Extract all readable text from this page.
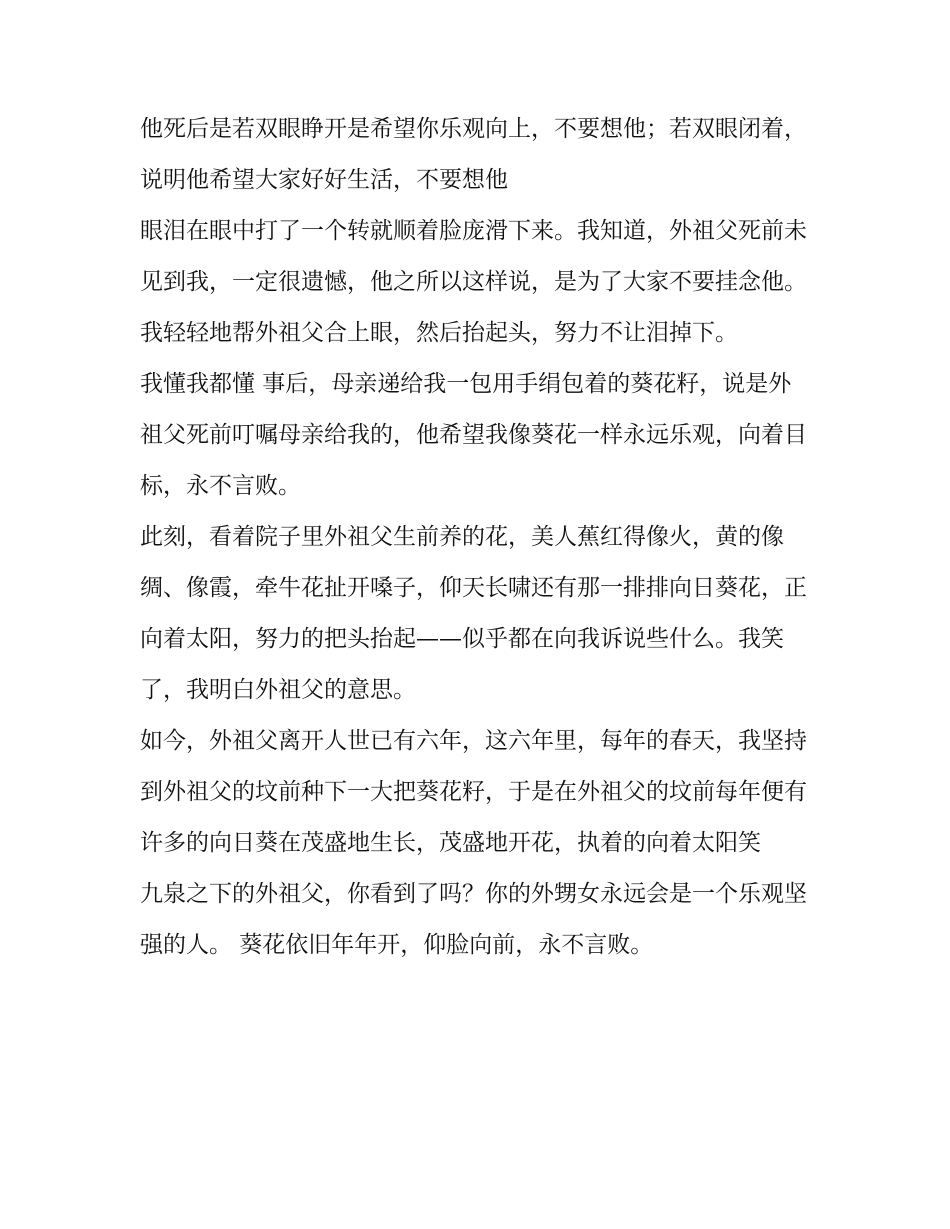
他死后是若双眼睁开是希望你乐观向上，不要想他；若双眼闭着，说明他希望大家好好生活，不要想他

眼泪在眼中打了一个转就顺着脸庞滑下来。我知道，外祖父死前未见到我，一定很遗憾，他之所以这样说，是为了大家不要挂念他。我轻轻地帮外祖父合上眼，然后抬起头，努力不让泪掉下。

我懂我都懂 事后，母亲递给我一包用手绢包着的葵花籽，说是外祖父死前叮嘱母亲给我的，他希望我像葵花一样永远乐观，向着目标，永不言败。

此刻，看着院子里外祖父生前养的花，美人蕉红得像火，黄的像绸、像霞，牵牛花扯开嗓子，仰天长啸还有那一排排向日葵花，正向着太阳，努力的把头抬起——似乎都在向我诉说些什么。我笑了，我明白外祖父的意思。

如今，外祖父离开人世已有六年，这六年里，每年的春天，我坚持到外祖父的坟前种下一大把葵花籽，于是在外祖父的坟前每年便有许多的向日葵在茂盛地生长，茂盛地开花，执着的向着太阳笑

九泉之下的外祖父，你看到了吗？你的外甥女永远会是一个乐观坚强的人。 葵花依旧年年开，仰脸向前，永不言败。
